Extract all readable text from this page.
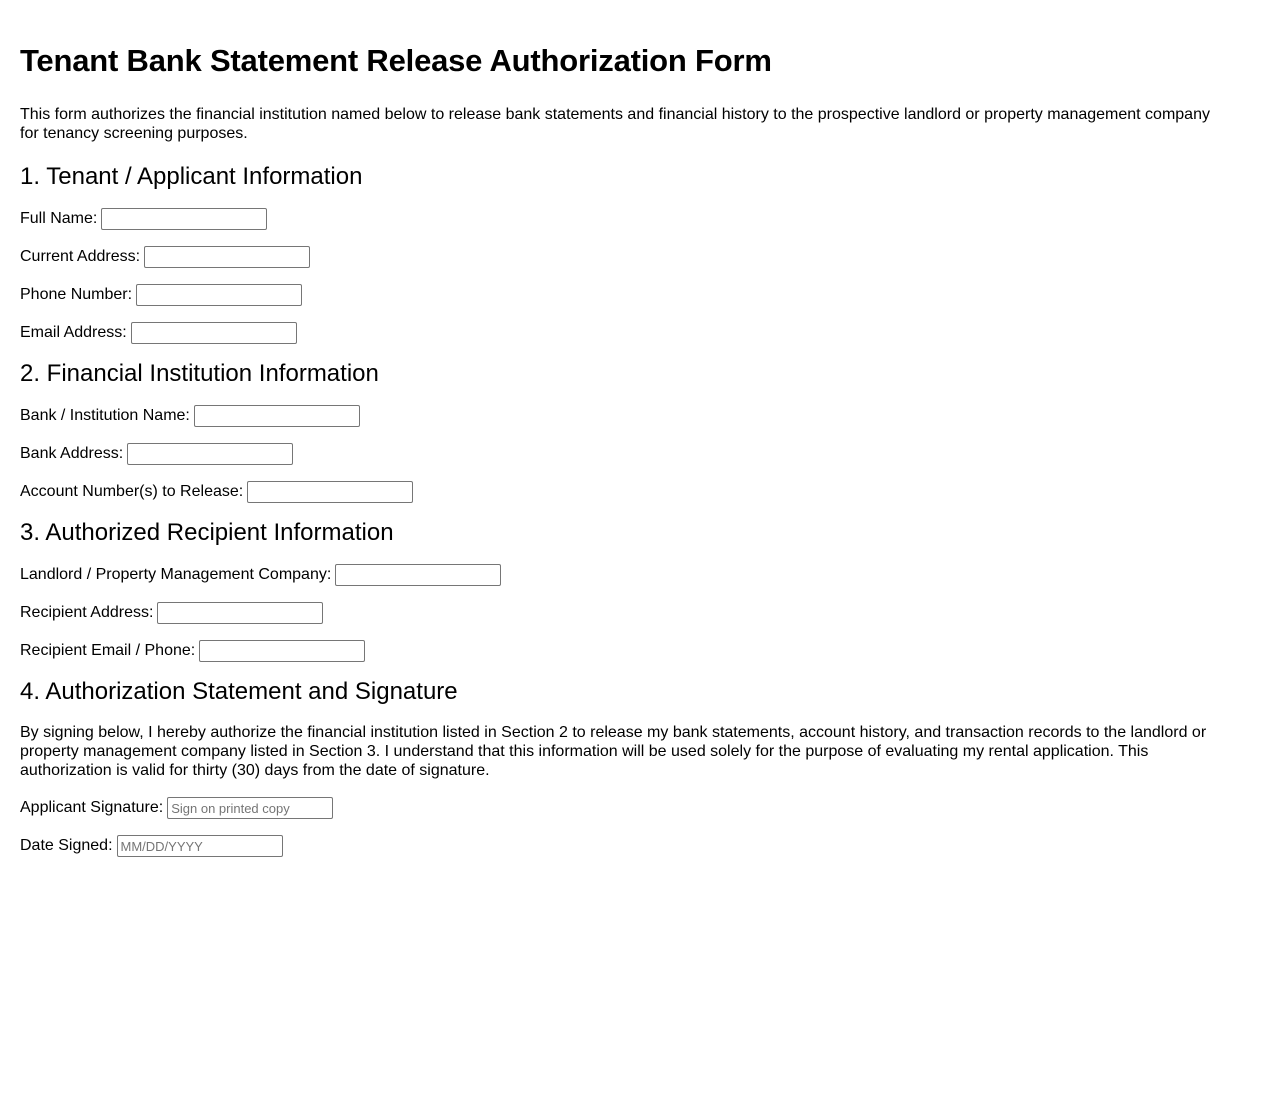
Tenant Bank Statement Release Authorization Form

This form authorizes the financial institution named below to release bank statements and financial history to the prospective landlord or property management company for tenancy screening purposes.

1. Tenant / Applicant Information
Full Name:
Current Address:
Phone Number:
Email Address:
2. Financial Institution Information
Bank / Institution Name:
Bank Address:
Account Number(s) to Release:
3. Authorized Recipient Information
Landlord / Property Management Company:
Recipient Address:
Recipient Email / Phone:
4. Authorization Statement and Signature

By signing below, I hereby authorize the financial institution listed in Section 2 to release my bank statements, account history, and transaction records to the landlord or property management company listed in Section 3. I understand that this information will be used solely for the purpose of evaluating my rental application. This authorization is valid for thirty (30) days from the date of signature.

Applicant Signature:
Sign on printed copy
Date Signed:
MM/DD/YYYY
